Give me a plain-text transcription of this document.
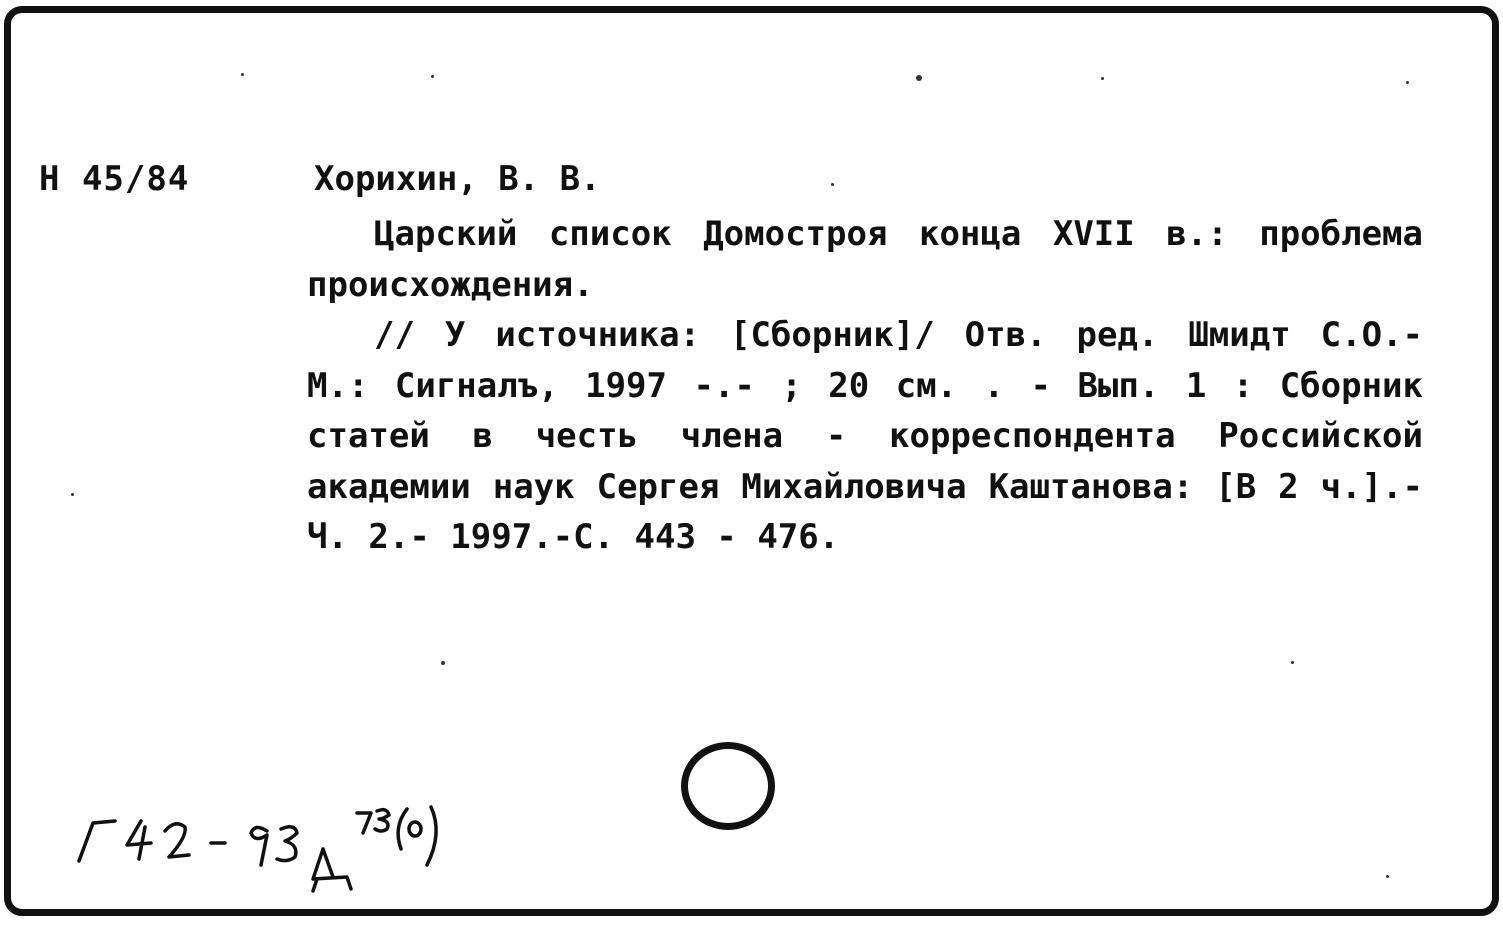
Н 45/84	Хорихин, В. В.

Царский список Домостроя конца XVII в.: проблема происхождения.

// У источника: [Сборник]/ Отв. ред. Шмидт С.О.- М.: Сигналъ, 1997 -.- ; 20 см. . - Вып. 1 : Сборник статей в честь члена - корреспондента Российской академии наук Сергея Михайловича Каштанова: [В 2 ч.].- Ч. 2.- 1997.-С. 443 - 476.
